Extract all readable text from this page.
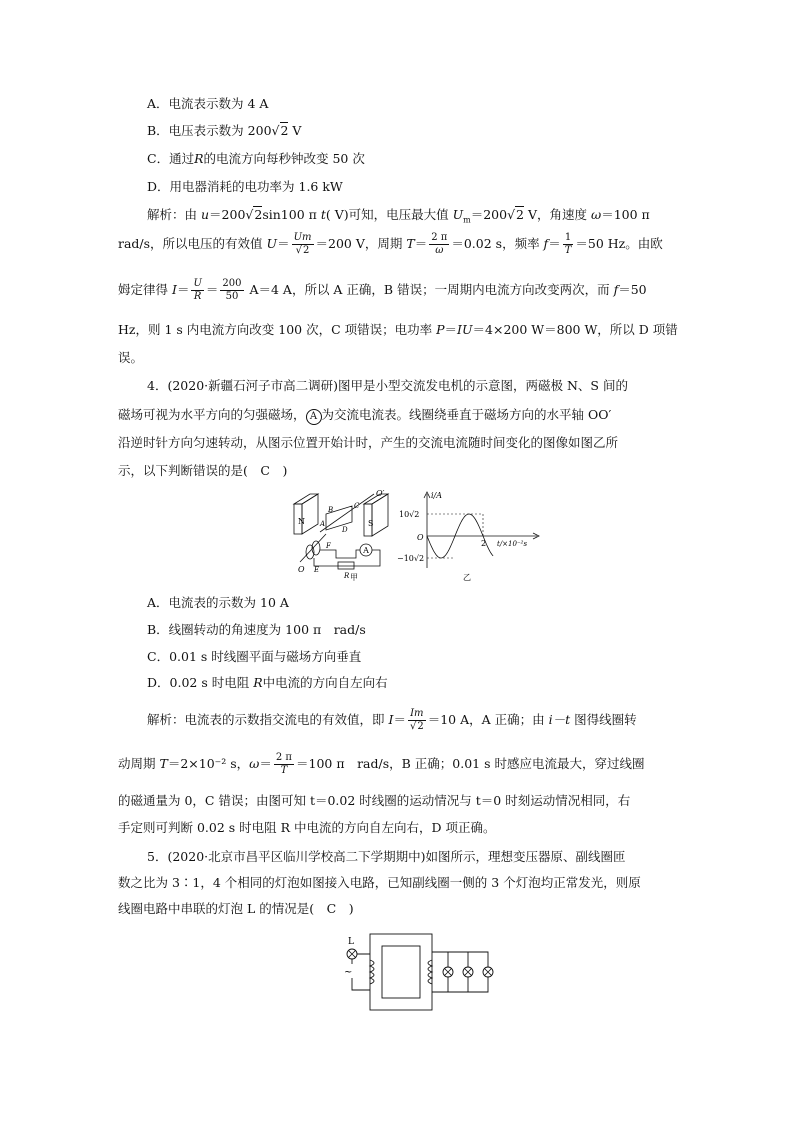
A．电流表示数为 4 A
B．电压表示数为 200√2 V
C．通过R的电流方向每秒钟改变 50 次
D．用电器消耗的电功率为 1.6 kW
解析：由 u＝200√2sin100 π t( V)可知，电压最大值 $U_m=200√2$ V，角速度 ω＝100 π
rad/s，所以电压的有效值 $U= \frac{Um}{√2} =200$ V，周期 $T= \frac{2 \pi}{\omega} =0.02$ s，频率 $f= \frac{1}{T} =50$ Hz。由欧
姆定律得 $I= \frac{U}{R} = \frac{200}{50} A=4$ A，所以 A 正确，B 错误；一周期内电流方向改变两次，而 f＝50
Hz，则 1 s 内电流方向改变 100 次，C 项错误；电功率 P＝IU＝4×200 W＝800 W，所以 D 项错
误。
4．(2020·新疆石河子市高二调研)图甲是小型交流发电机的示意图，两磁极 N、S 间的
磁场可视为水平方向的匀强磁场， A 为交流电流表。线圈绕垂直于磁场方向的水平轴 OO′
沿逆时针方向匀速转动，从图示位置开始计时，产生的交流电流随时间变化的图像如图乙所
示，以下判断错误的是(　C　)
A
N	S
O′
O
B	C
A
D
F
E
R 甲
i/A
10√2
−10√2
O
2 t/×10⁻²s
乙
A．电流表的示数为 10 A
B．线圈转动的角速度为 100 π　rad/s
C．0.01 s 时线圈平面与磁场方向垂直
D．0.02 s 时电阻 R中电流的方向自左向右
解析：电流表的示数指交流电的有效值，即 $I= \frac{Im}{√2} =10$ A，A 正确；由 i－t 图得线圈转
动周期 T＝2×10⁻² s，$\omega= \frac{2 \pi}{T} =100$ π　rad/s，B 正确；0.01 s 时感应电流最大，穿过线圈
的磁通量为 0，C 错误；由图可知 t＝0.02 时线圈的运动情况与 t＝0 时刻运动情况相同，右
手定则可判断 0.02 s 时电阻 R 中电流的方向自左向右，D 项正确。
5．(2020·北京市昌平区临川学校高二下学期期中)如图所示，理想变压器原、副线圈匝
数之比为 3∶1，4 个相同的灯泡如图接入电路，已知副线圈一侧的 3 个灯泡均正常发光，则原
线圈电路中串联的灯泡 L 的情况是(　C　)
L
~
